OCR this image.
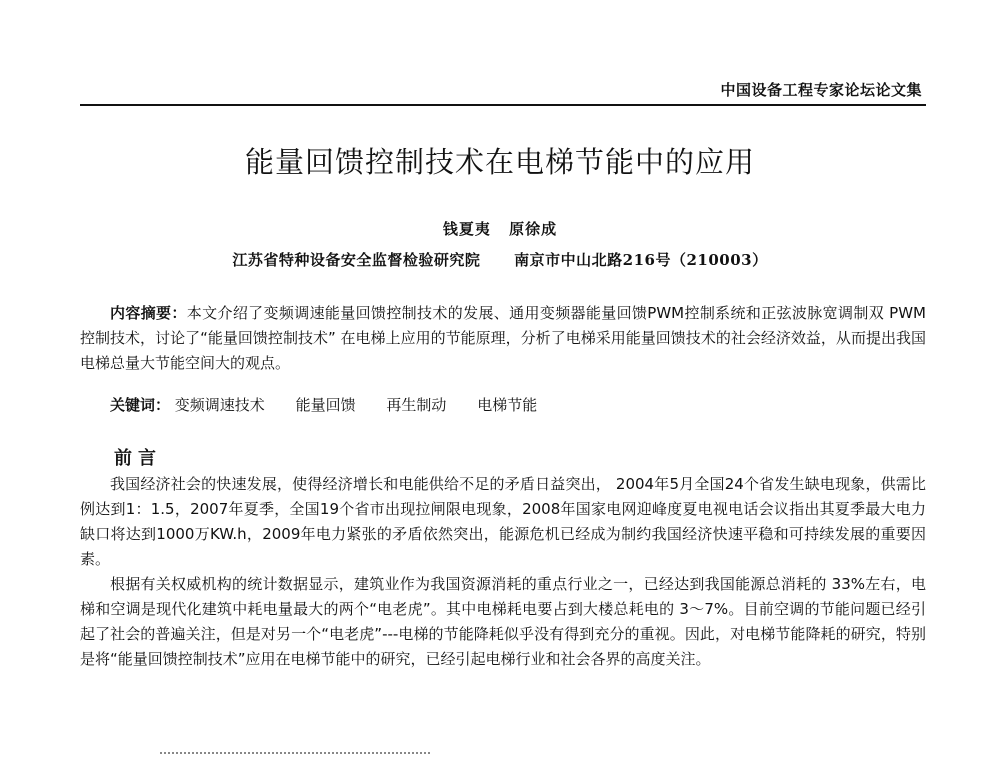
中国设备工程专家论坛论文集
能量回馈控制技术在电梯节能中的应用
钱夏夷 原徐成
江苏省特种设备安全监督检验研究院 南京市中山北路216号（210003）
内容摘要：本文介绍了变频调速能量回馈控制技术的发展、通用变频器能量回馈PWM控制系统和正弦波脉宽调制双 PWM 控制技术，讨论了“能量回馈控制技术” 在电梯上应用的节能原理，分析了电梯采用能量回馈技术的社会经济效益，从而提出我国电梯总量大节能空间大的观点。
关键词： 变频调速技术 能量回馈 再生制动 电梯节能
前言

我国经济社会的快速发展，使得经济增长和电能供给不足的矛盾日益突出， 2004年5月全国24个省发生缺电现象，供需比例达到1：1.5，2007年夏季，全国19个省市出现拉闸限电现象，2008年国家电网迎峰度夏电视电话会议指出其夏季最大电力缺口将达到1000万KW.h，2009年电力紧张的矛盾依然突出，能源危机已经成为制约我国经济快速平稳和可持续发展的重要因素。

根据有关权威机构的统计数据显示，建筑业作为我国资源消耗的重点行业之一，已经达到我国能源总消耗的 33%左右，电梯和空调是现代化建筑中耗电量最大的两个“电老虎”。其中电梯耗电要占到大楼总耗电的 3～7%。目前空调的节能问题已经引起了社会的普遍关注，但是对另一个“电老虎”---电梯的节能降耗似乎没有得到充分的重视。因此，对电梯节能降耗的研究，特别是将“能量回馈控制技术”应用在电梯节能中的研究，已经引起电梯行业和社会各界的高度关注。
